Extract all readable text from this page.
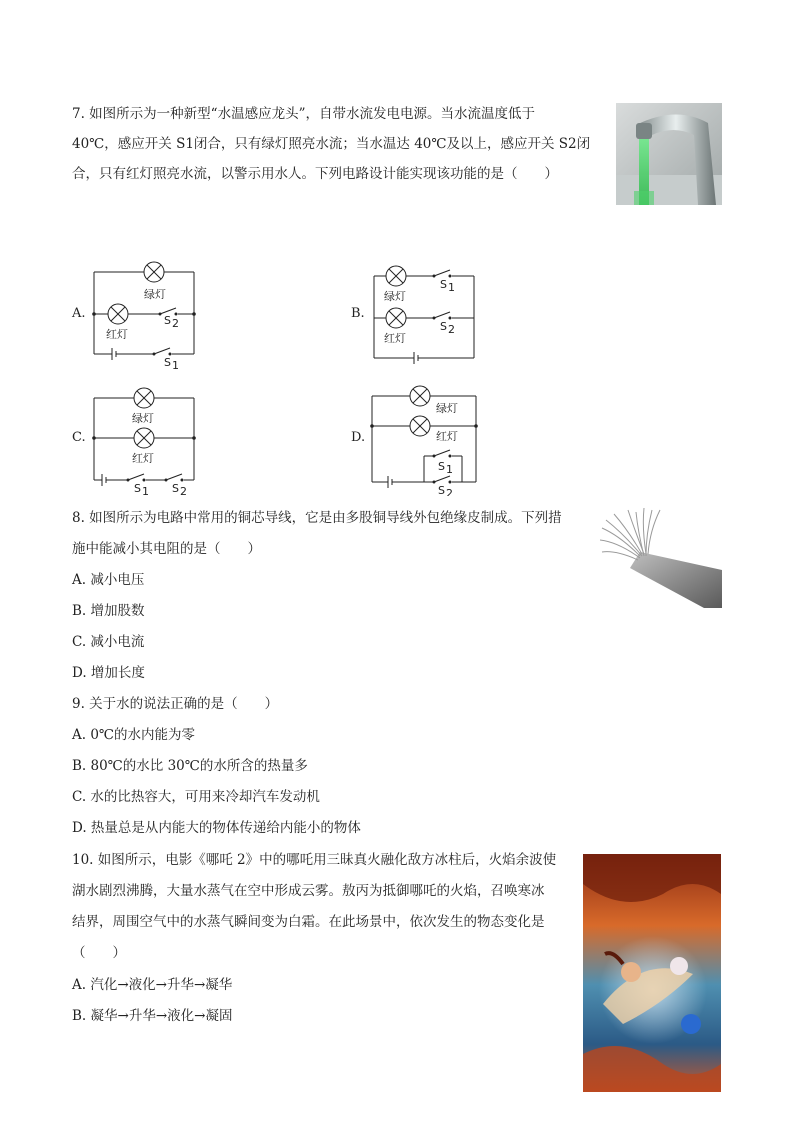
7. 如图所示为一种新型“水温感应龙头”，自带水流发电电源。当水流温度低于
40℃，感应开关 S1闭合，只有绿灯照亮水流；当水温达 40℃及以上，感应开关 S2闭
合，只有红灯照亮水流，以警示用水人。下列电路设计能实现该功能的是（　　）
A.
绿灯
红灯
S 2
S 1
B.
绿灯
红灯
S 1
S 2
C.
绿灯
红灯
S 1 S 2
D.
绿灯
红灯
S 1
S 2
8. 如图所示为电路中常用的铜芯导线，它是由多股铜导线外包绝缘皮制成。下列措
施中能减小其电阻的是（　　）
A. 减小电压
B. 增加股数
C. 减小电流
D. 增加长度
9. 关于水的说法正确的是（　　）
A. 0℃的水内能为零
B. 80℃的水比 30℃的水所含的热量多
C. 水的比热容大，可用来冷却汽车发动机
D. 热量总是从内能大的物体传递给内能小的物体
10. 如图所示，电影《哪吒 2》中的哪吒用三昧真火融化敌方冰柱后，火焰余波使
湖水剧烈沸腾，大量水蒸气在空中形成云雾。敖丙为抵御哪吒的火焰，召唤寒冰
结界，周围空气中的水蒸气瞬间变为白霜。在此场景中，依次发生的物态变化是
（　　）
A. 汽化→液化→升华→凝华
B. 凝华→升华→液化→凝固
